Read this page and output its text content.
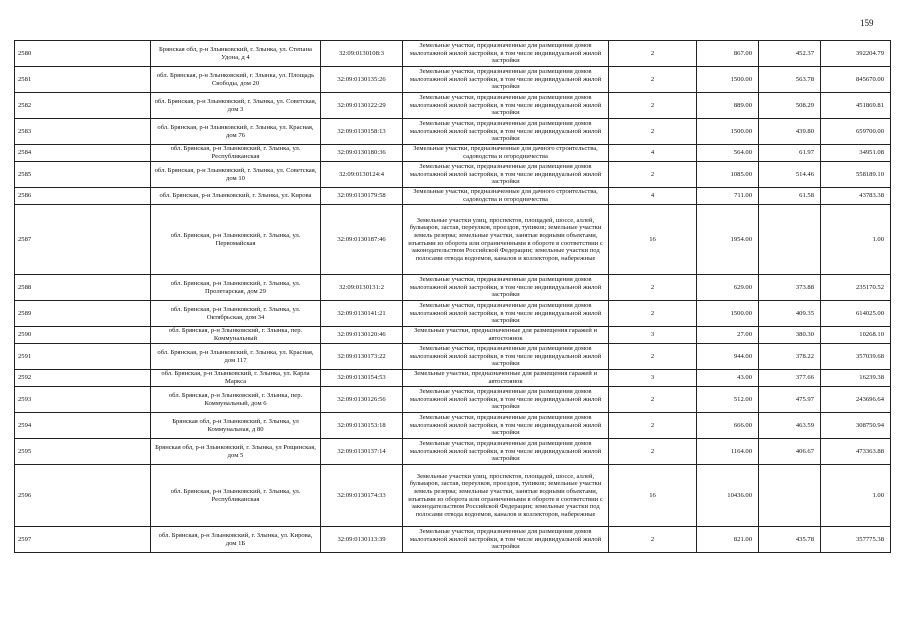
159
2580	Брянская обл, р-н Злынковский, г. Злынка, ул. Степана Удона, д 4	32:09:0130108:3	Земельные участки, предназначенные для размещения домов малоэтажной жилой застройки, в том числе индивидуальной жилой застройки	2	867.00	452.37	392204.79
2581	обл. Брянская, р-н Злынковский, г. Злынка, ул. Площадь Свободы, дом 20	32:09:0130135:26	Земельные участки, предназначенные для размещения домов малоэтажной жилой застройки, в том числе индивидуальной жилой застройки	2	1500.00	563.78	845670.00
2582	обл. Брянская, р-н Злынковский, г. Злынка, ул. Советская, дом 3	32:09:0130122:29	Земельные участки, предназначенные для размещения домов малоэтажной жилой застройки, в том числе индивидуальной жилой застройки	2	889.00	508.29	451869.81
2583	обл. Брянская, р-н Злынковский, г. Злынка, ул. Красная, дом 76	32:09:0130158:13	Земельные участки, предназначенные для размещения домов малоэтажной жилой застройки, в том числе индивидуальной жилой застройки	2	1500.00	439.80	659700.00
2584	обл. Брянская, р-н Злынковский, г. Злынка, ул. Республиканская	32:09:0130180:36	Земельные участки, предназначенные для дачного строительства, садоводства и огородничества	4	564.00	61.97	34951.08
2585	обл. Брянская, р-н Злынковский, г. Злынка, ул. Советская, дом 10	32:09:0130124:4	Земельные участки, предназначенные для размещения домов малоэтажной жилой застройки, в том числе индивидуальной жилой застройки	2	1085.00	514.46	558189.10
2586	обл. Брянская, р-н Злынковский, г. Злынка, ул. Кирова	32:09:0130179:58	Земельные участки, предназначенные для дачного строительства, садоводства и огородничества	4	711.00	61.58	43783.38
2587	обл. Брянская, р-н Злынковский, г. Злынка, ул. Первомайская	32:09:0130187:46	Земельные участки улиц, проспектов, площадей, шоссе, аллей, бульваров, застав, переулков, проездов, тупиков; земельные участки земель резерва; земельные участки, занятые водными объектами, изъятыми из оборота или ограниченными в обороте в соответствии с законодательством Российской Федерации; земельные участки под полосами отвода водоемов, каналов и коллекторов, набережные	16	1954.00		1.00
2588	обл. Брянская, р-н Злынковский, г. Злынка, ул. Пролетарская, дом 29	32:09:0130131:2	Земельные участки, предназначенные для размещения домов малоэтажной жилой застройки, в том числе индивидуальной жилой застройки	2	629.00	373.88	235170.52
2589	обл. Брянская, р-н Злынковский, г. Злынка, ул. Октябрьская, дом 34	32:09:0130141:21	Земельные участки, предназначенные для размещения домов малоэтажной жилой застройки, в том числе индивидуальной жилой застройки	2	1500.00	409.35	614025.00
2590	обл. Брянская, р-н Злынковский, г. Злынка, пер. Коммунальный	32:09:0130120:46	Земельные участки, предназначенные для размещения гаражей и автостоянок	3	27.00	380.30	10268.10
2591	обл. Брянская, р-н Злынковский, г. Злынка, ул. Красная, дом 117	32:09:0130173:22	Земельные участки, предназначенные для размещения домов малоэтажной жилой застройки, в том числе индивидуальной жилой застройки	2	944.00	378.22	357039.68
2592	обл. Брянская, р-н Злынковский, г. Злынка, ул. Карла Маркса	32:09:0130154:53	Земельные участки, предназначенные для размещения гаражей и автостоянок	3	43.00	377.66	16239.38
2593	обл. Брянская, р-н Злынковский, г. Злынка, пер. Коммунальный, дом 6	32:09:0130126:56	Земельные участки, предназначенные для размещения домов малоэтажной жилой застройки, в том числе индивидуальной жилой застройки	2	512.00	475.97	243696.64
2594	Брянская обл, р-н Злынковский, г. Злынка, ул Коммунальная, д 80	32:09:0130153:18	Земельные участки, предназначенные для размещения домов малоэтажной жилой застройки, в том числе индивидуальной жилой застройки	2	666.00	463.59	308750.94
2595	Брянская обл, р-н Злынковский, г. Злынка, ул Рощинская, дом 5	32:09:0130137:14	Земельные участки, предназначенные для размещения домов малоэтажной жилой застройки, в том числе индивидуальной жилой застройки	2	1164.00	406.67	473363.88
2596	обл. Брянская, р-н Злынковский, г. Злынка, ул. Республиканская	32:09:0130174:33	Земельные участки улиц, проспектов, площадей, шоссе, аллей, бульваров, застав, переулков, проездов, тупиков; земельные участки земель резерва; земельные участки, занятые водными объектами, изъятыми из оборота или ограниченными в обороте в соответствии с законодательством Российской Федерации; земельные участки под полосами отвода водоемов, каналов и коллекторов, набережные	16	10436.00		1.00
2597	обл. Брянская, р-н Злынковский, г. Злынка, ул. Кирова, дом 1Б	32:09:0130113:39	Земельные участки, предназначенные для размещения домов малоэтажной жилой застройки, в том числе индивидуальной жилой застройки	2	821.00	435.78	357775.38
